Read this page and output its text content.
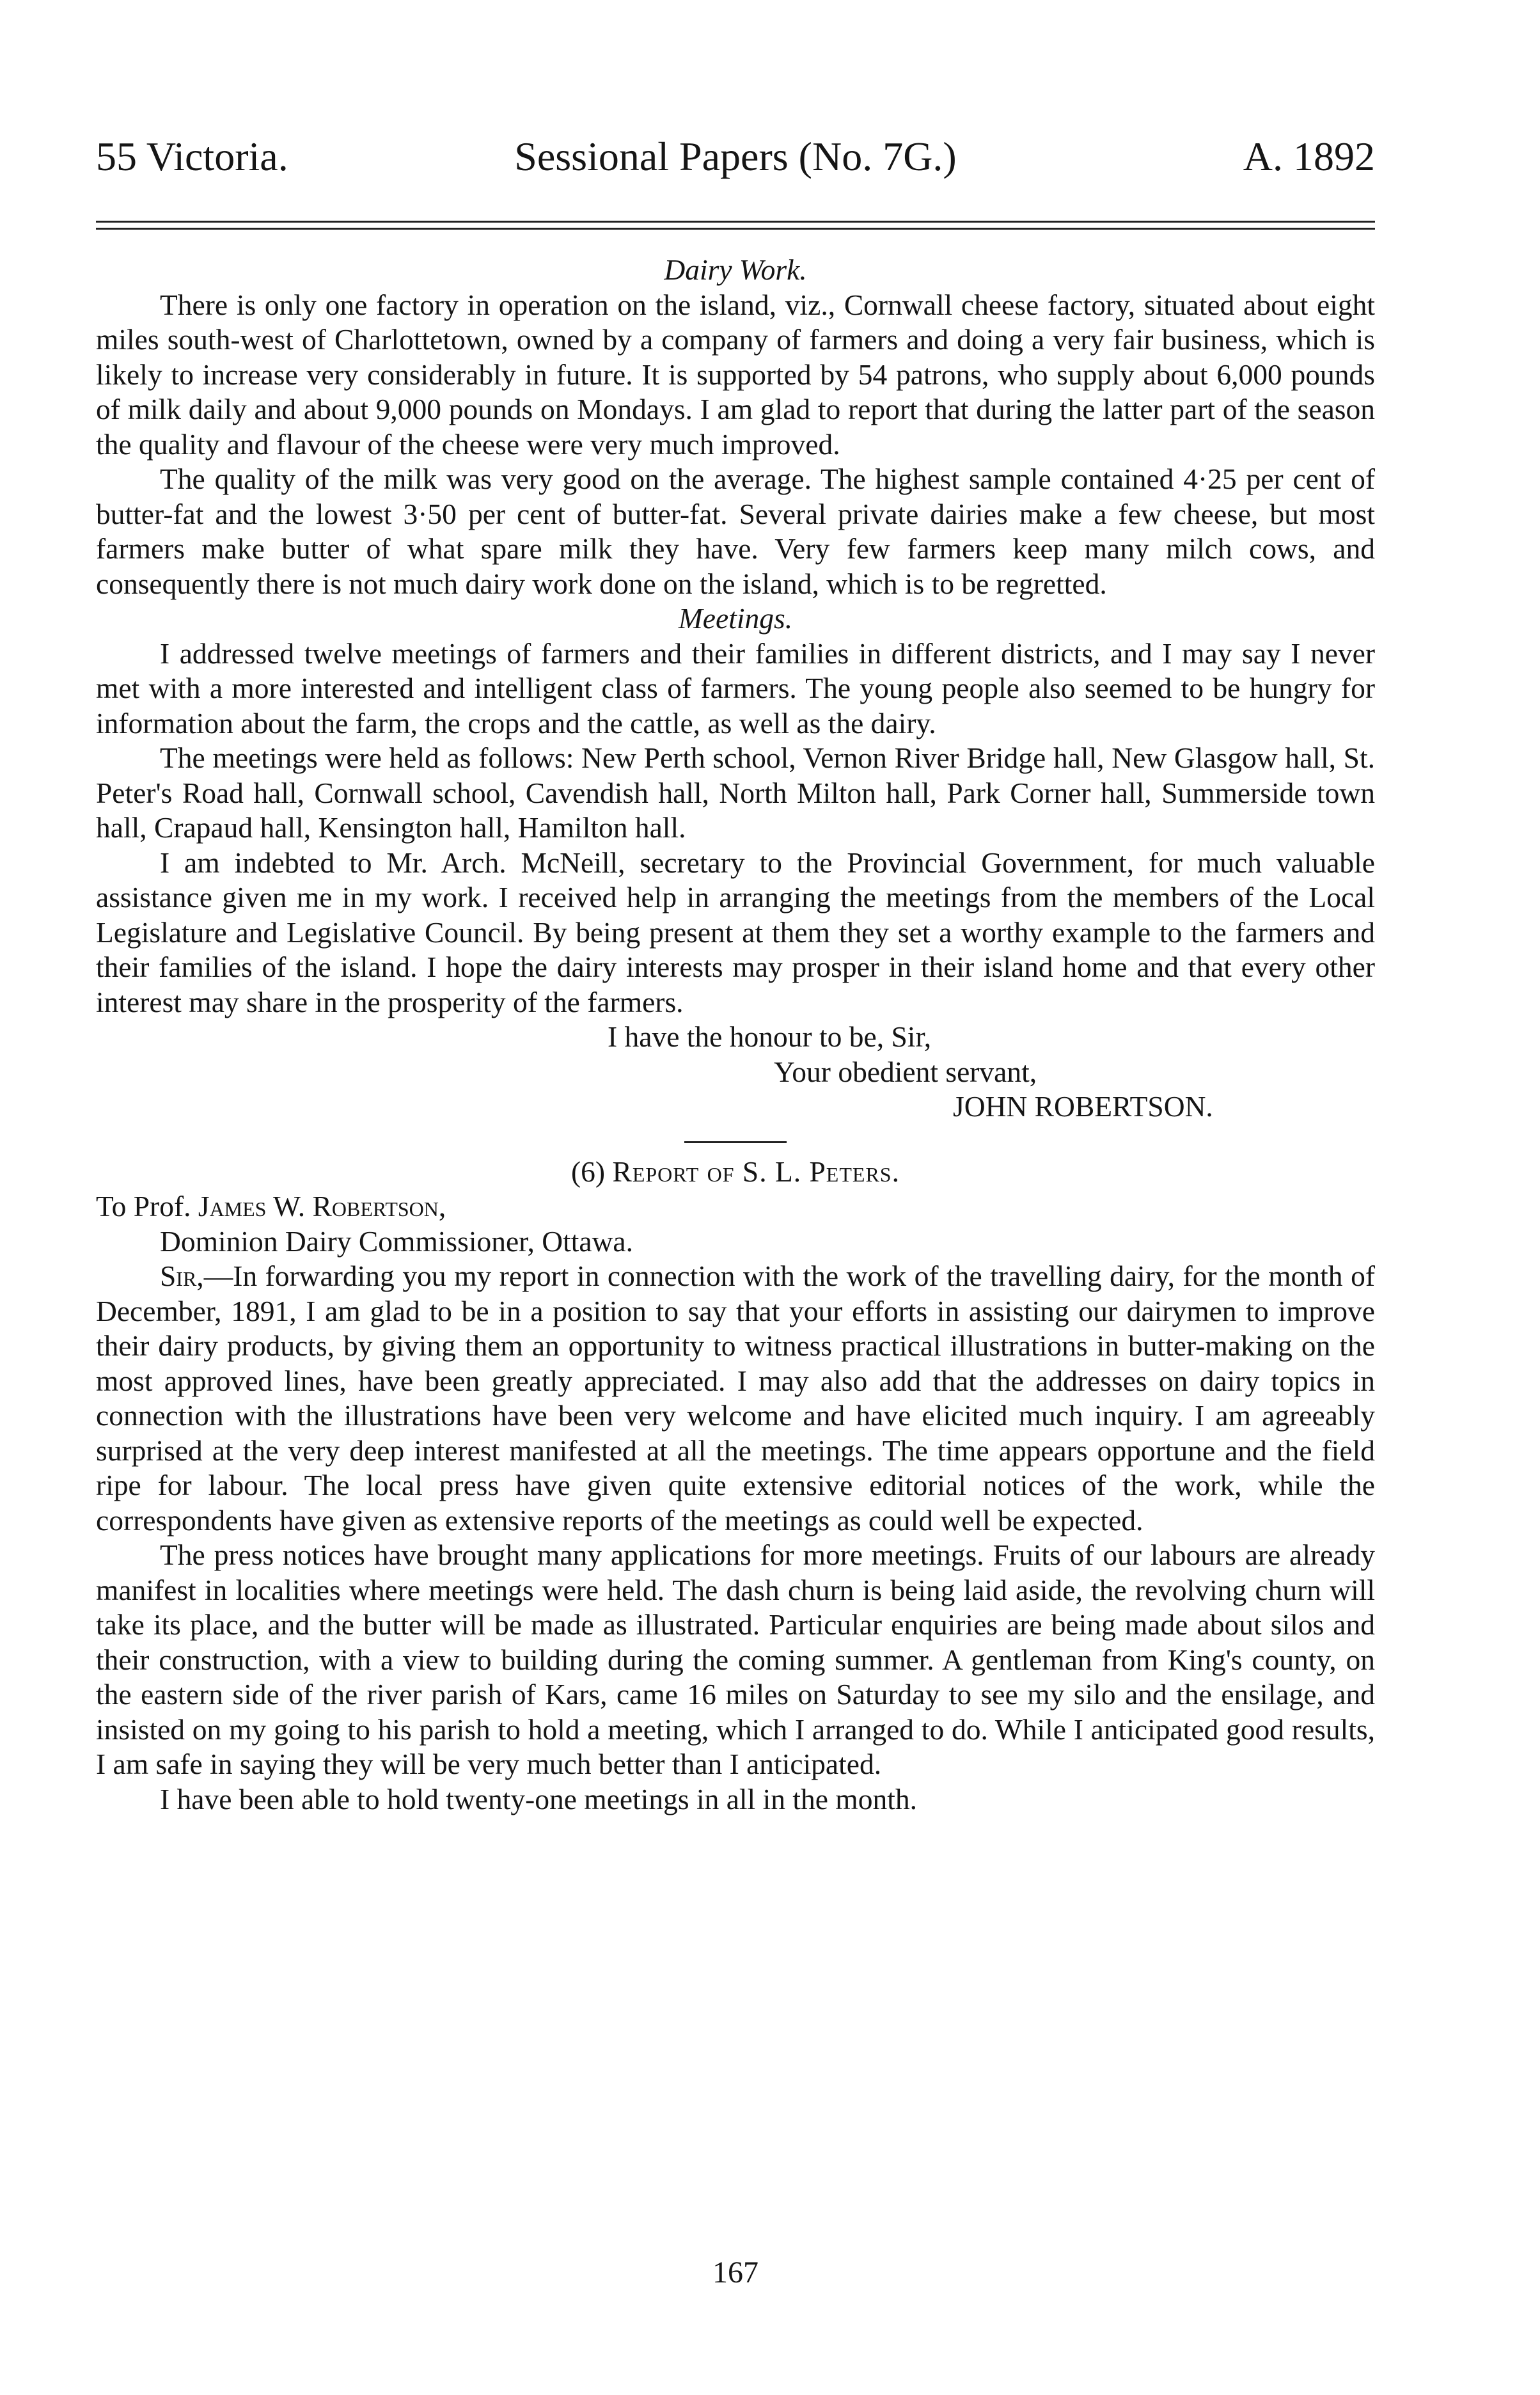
55 Victoria.	Sessional Papers (No. 7G.)	A. 1892

Dairy Work.

There is only one factory in operation on the island, viz., Cornwall cheese factory, situated about eight miles south-west of Charlottetown, owned by a company of farmers and doing a very fair business, which is likely to increase very considerably in future. It is supported by 54 patrons, who supply about 6,000 pounds of milk daily and about 9,000 pounds on Mondays. I am glad to report that during the latter part of the season the quality and flavour of the cheese were very much improved.

The quality of the milk was very good on the average. The highest sample contained 4·25 per cent of butter-fat and the lowest 3·50 per cent of butter-fat. Several private dairies make a few cheese, but most farmers make butter of what spare milk they have. Very few farmers keep many milch cows, and consequently there is not much dairy work done on the island, which is to be regretted.

Meetings.

I addressed twelve meetings of farmers and their families in different districts, and I may say I never met with a more interested and intelligent class of farmers. The young people also seemed to be hungry for information about the farm, the crops and the cattle, as well as the dairy.

The meetings were held as follows: New Perth school, Vernon River Bridge hall, New Glasgow hall, St. Peter's Road hall, Cornwall school, Cavendish hall, North Milton hall, Park Corner hall, Summerside town hall, Crapaud hall, Kensington hall, Hamilton hall.

I am indebted to Mr. Arch. McNeill, secretary to the Provincial Government, for much valuable assistance given me in my work. I received help in arranging the meetings from the members of the Local Legislature and Legislative Council. By being present at them they set a worthy example to the farmers and their families of the island. I hope the dairy interests may prosper in their island home and that every other interest may share in the prosperity of the farmers.

I have the honour to be, Sir,

Your obedient servant,

JOHN ROBERTSON.

(6) Report of S. L. Peters.

To Prof. James W. Robertson,

Dominion Dairy Commissioner, Ottawa.

Sir,—In forwarding you my report in connection with the work of the travelling dairy, for the month of December, 1891, I am glad to be in a position to say that your efforts in assisting our dairymen to improve their dairy products, by giving them an opportunity to witness practical illustrations in butter-making on the most approved lines, have been greatly appreciated. I may also add that the addresses on dairy topics in connection with the illustrations have been very welcome and have elicited much inquiry. I am agreeably surprised at the very deep interest manifested at all the meetings. The time appears opportune and the field ripe for labour. The local press have given quite extensive editorial notices of the work, while the correspondents have given as extensive reports of the meetings as could well be expected.

The press notices have brought many applications for more meetings. Fruits of our labours are already manifest in localities where meetings were held. The dash churn is being laid aside, the revolving churn will take its place, and the butter will be made as illustrated. Particular enquiries are being made about silos and their construction, with a view to building during the coming summer. A gentleman from King's county, on the eastern side of the river parish of Kars, came 16 miles on Saturday to see my silo and the ensilage, and insisted on my going to his parish to hold a meeting, which I arranged to do. While I anticipated good results, I am safe in saying they will be very much better than I anticipated.

I have been able to hold twenty-one meetings in all in the month.

167
